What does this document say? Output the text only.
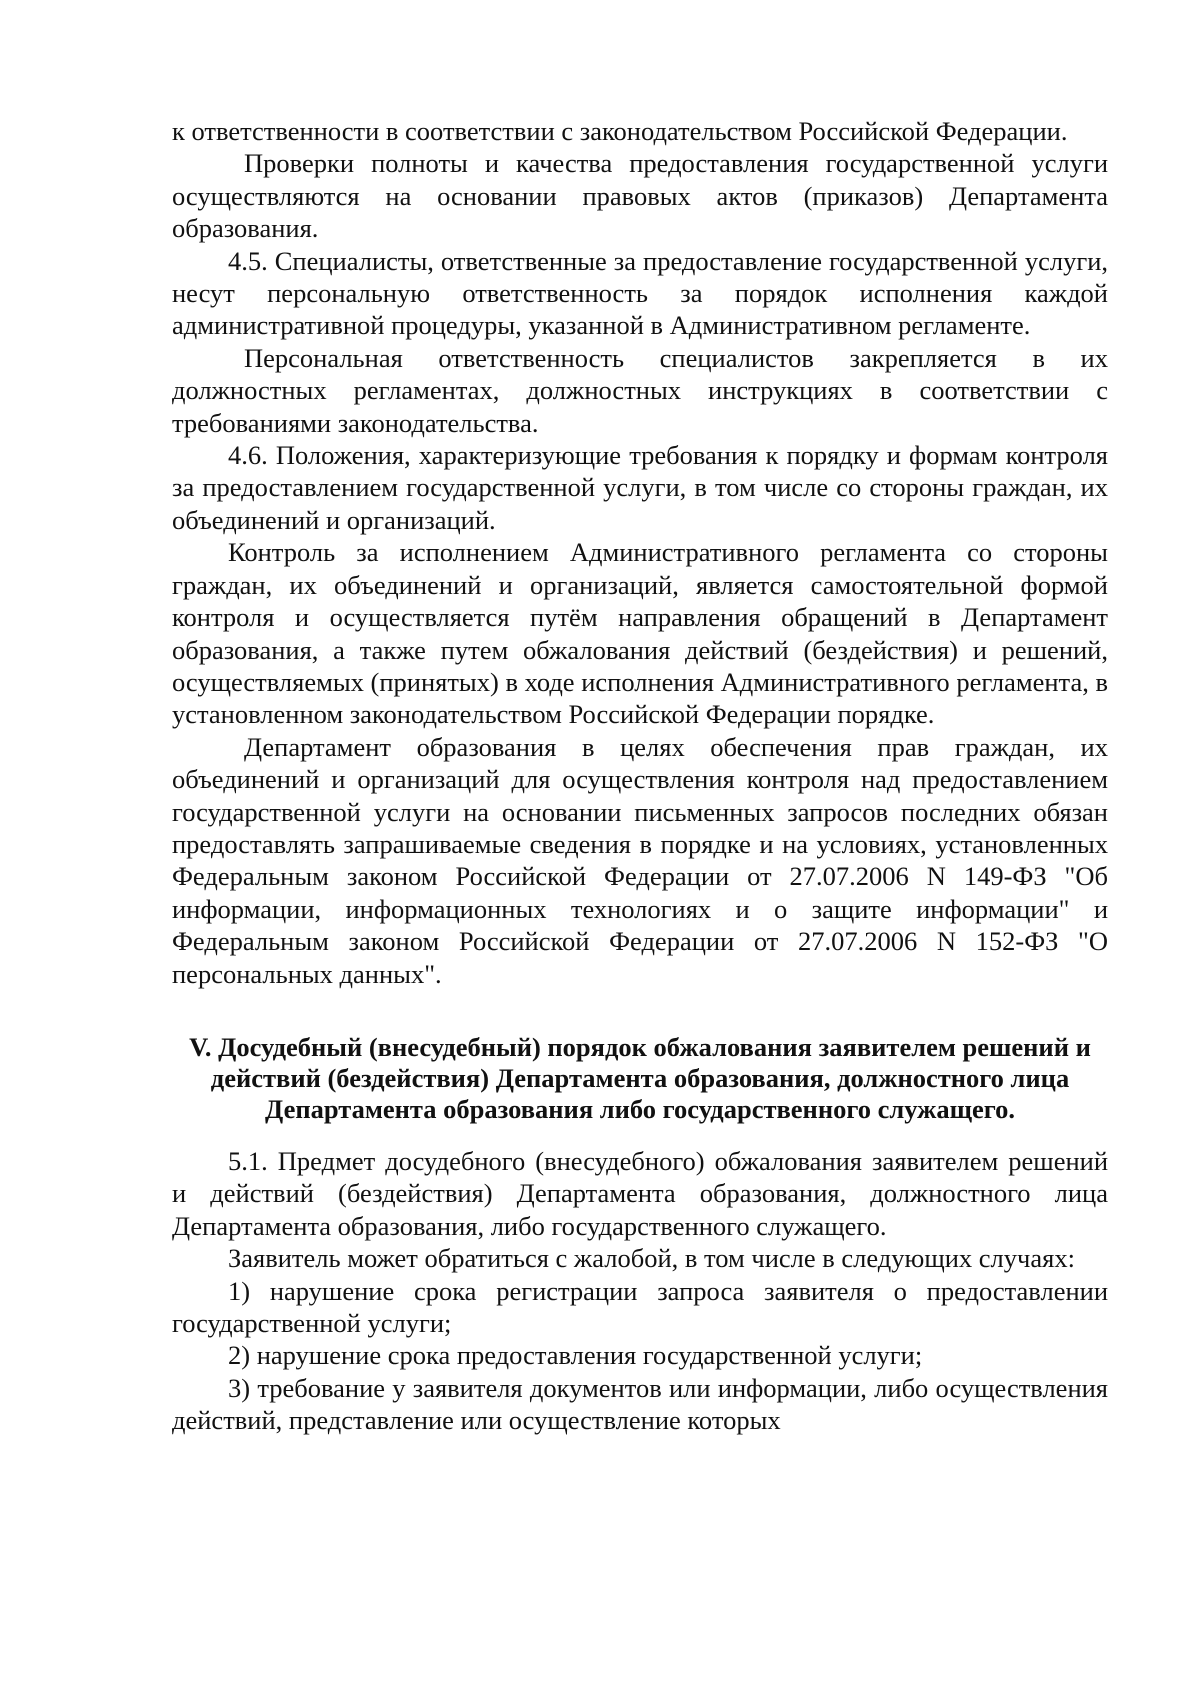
к ответственности в соответствии с законодательством Российской Федерации.

Проверки полноты и качества предоставления государственной услуги осуществляются на основании правовых актов (приказов) Департамента образования.

4.5. Специалисты, ответственные за предоставление государственной услуги, несут персональную ответственность за порядок исполнения каждой административной процедуры, указанной в Административном регламенте.

Персональная ответственность специалистов закрепляется в их должностных регламентах, должностных инструкциях в соответствии с требованиями законодательства.

4.6. Положения, характеризующие требования к порядку и формам контроля за предоставлением государственной услуги, в том числе со стороны граждан, их объединений и организаций.

Контроль за исполнением Административного регламента со стороны граждан, их объединений и организаций, является самостоятельной формой контроля и осуществляется путём направления обращений в Департамент образования, а также путем обжалования действий (бездействия) и решений, осуществляемых (принятых) в ходе исполнения Административного регламента, в установленном законодательством Российской Федерации порядке.

Департамент образования в целях обеспечения прав граждан, их объединений и организаций для осуществления контроля над предоставлением государственной услуги на основании письменных запросов последних обязан предоставлять запрашиваемые сведения в порядке и на условиях, установленных Федеральным законом Российской Федерации от 27.07.2006 N 149-ФЗ "Об информации, информационных технологиях и о защите информации" и Федеральным законом Российской Федерации от 27.07.2006 N 152-ФЗ "О персональных данных".

V. Досудебный (внесудебный) порядок обжалования заявителем решений и действий (бездействия) Департамента образования, должностного лица Департамента образования либо государственного служащего.

5.1. Предмет досудебного (внесудебного) обжалования заявителем решений и действий (бездействия) Департамента образования, должностного лица Департамента образования, либо государственного служащего.

Заявитель может обратиться с жалобой, в том числе в следующих случаях:

1) нарушение срока регистрации запроса заявителя о предоставлении государственной услуги;

2) нарушение срока предоставления государственной услуги;

3) требование у заявителя документов или информации, либо осуществления действий, представление или осуществление которых
